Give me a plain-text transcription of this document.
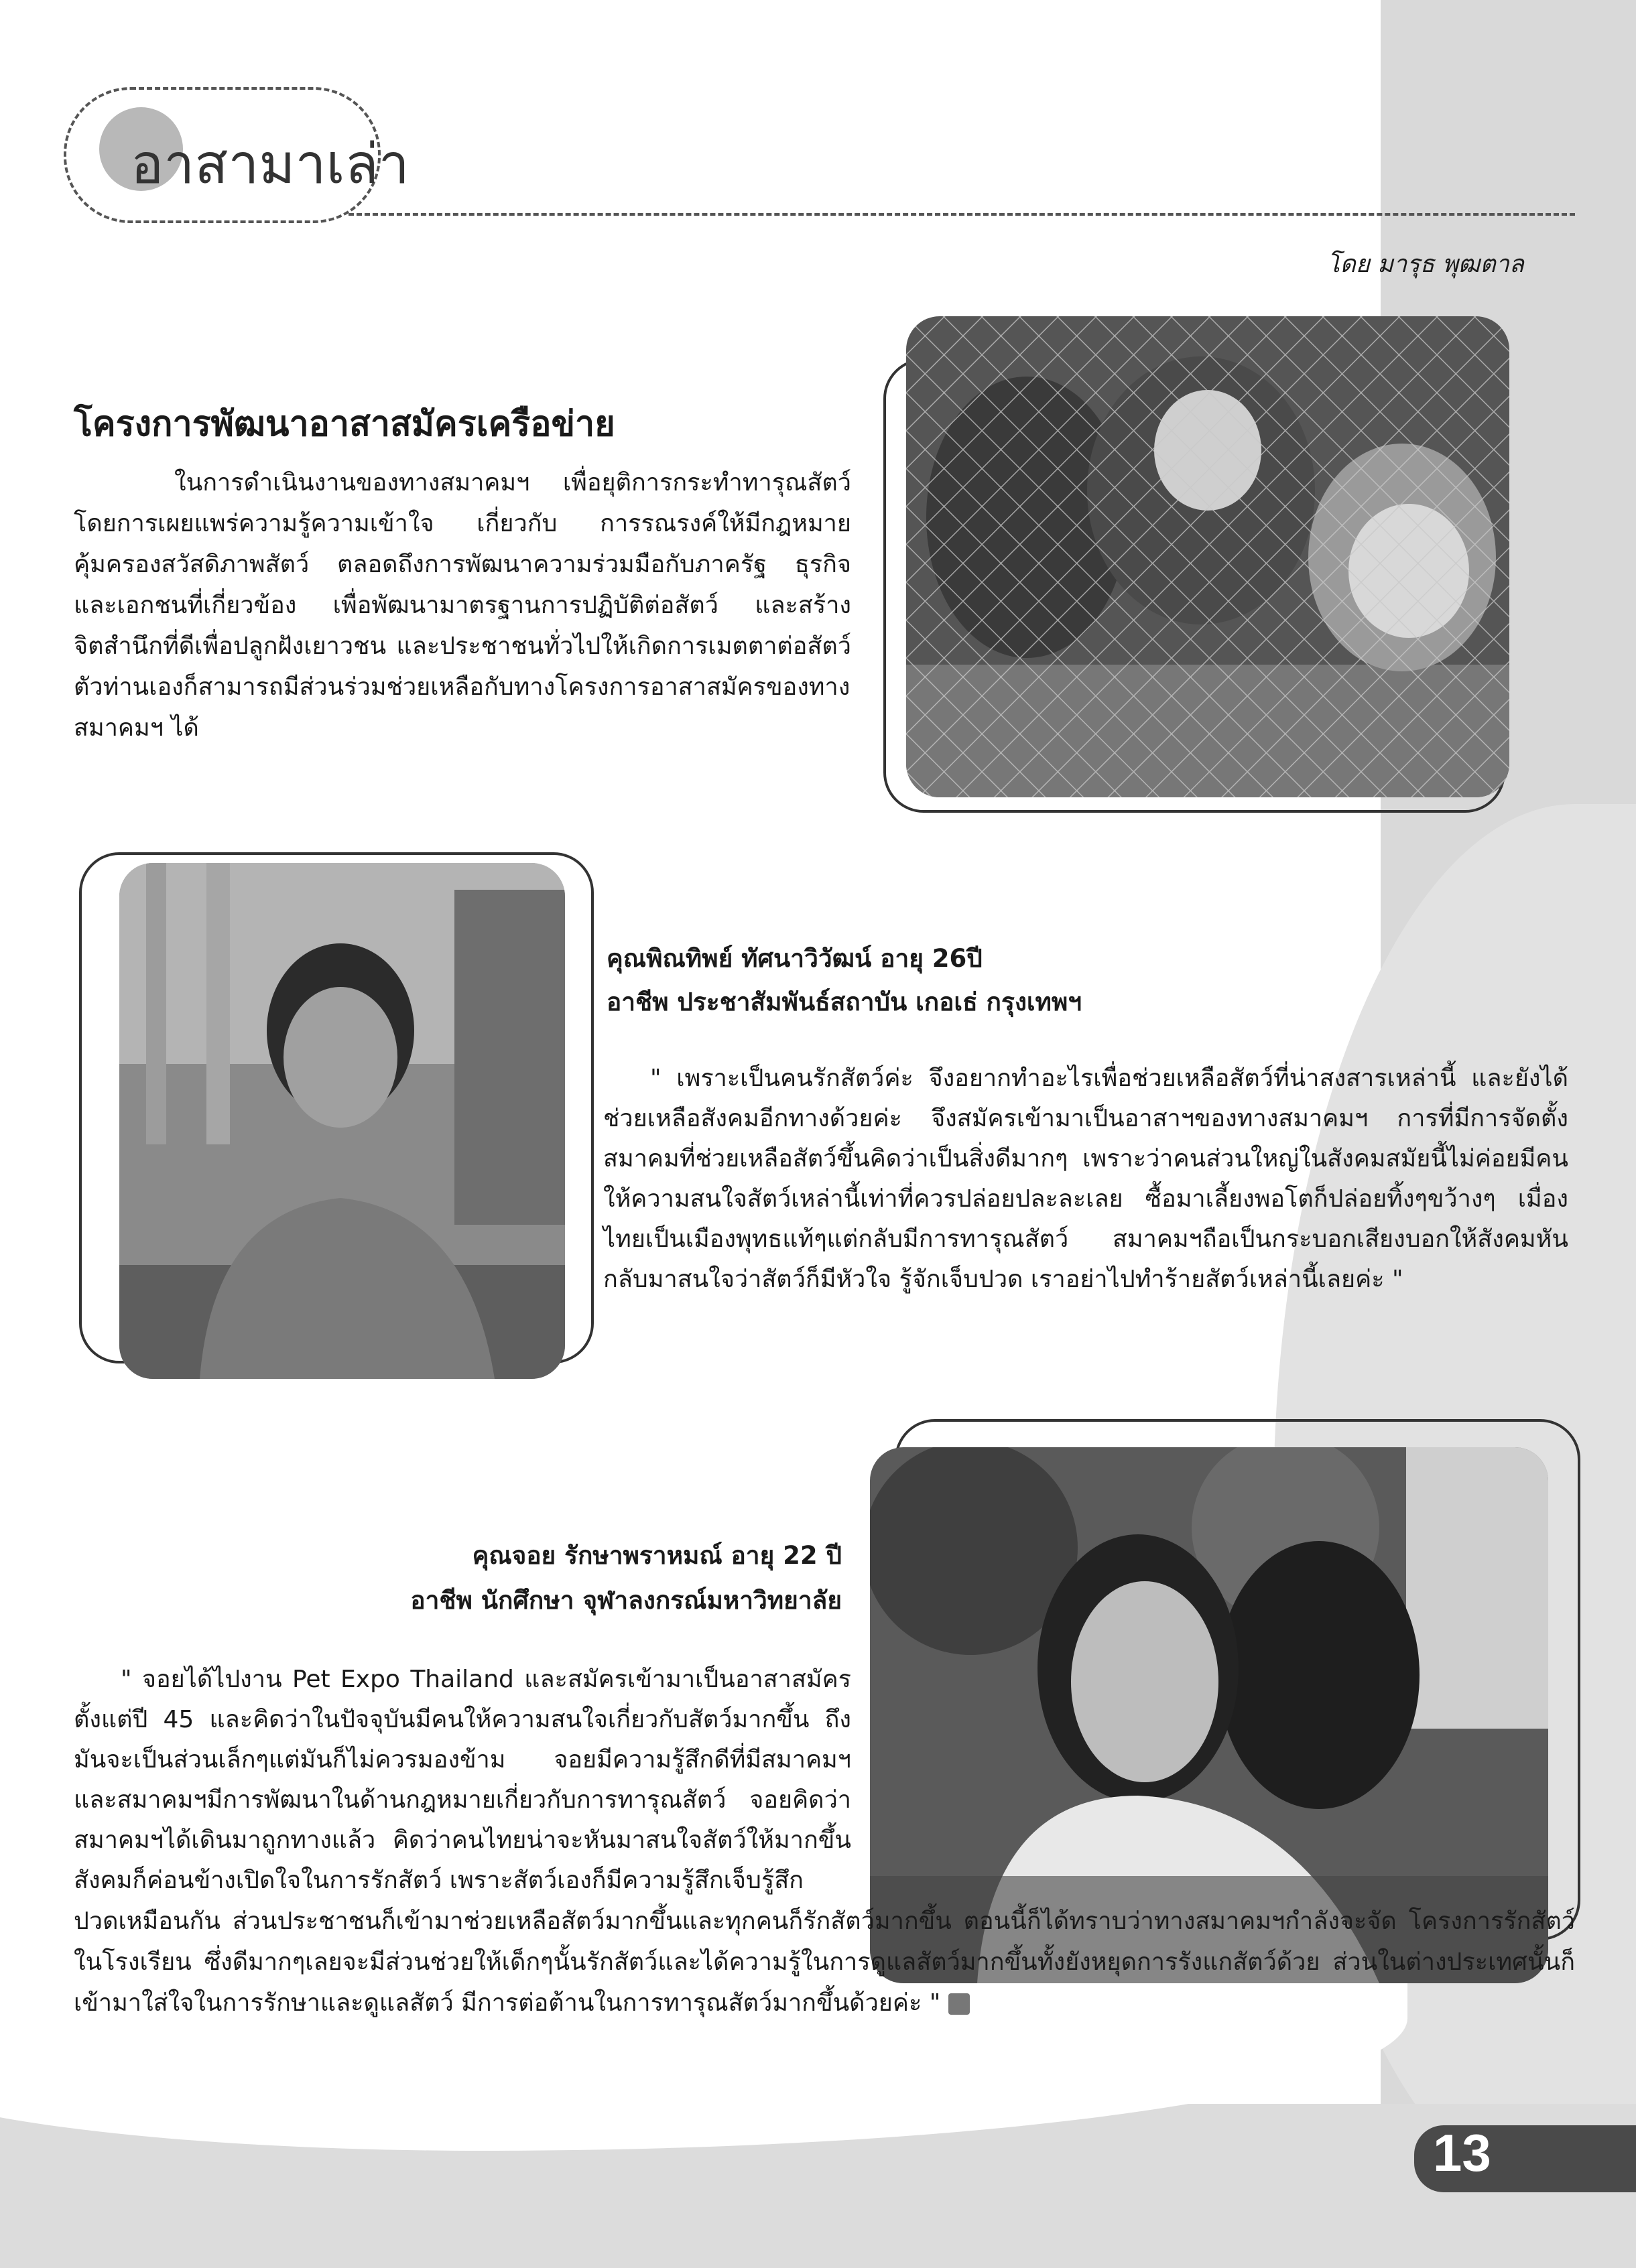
อาสามาเล่า
โดย มารุธ พุฒตาล
โครงการพัฒนาอาสาสมัครเครือข่าย
ในการดำเนินงานของทางสมาคมฯ เพื่อยุติการกระทำทารุณสัตว์ โดยการเผยแพร่ความรู้ความเข้าใจ เกี่ยวกับ การรณรงค์ให้มีกฎหมายคุ้มครองสวัสดิภาพสัตว์ ตลอดถึงการพัฒนาความร่วมมือกับภาครัฐ ธุรกิจ และเอกชนที่เกี่ยวข้อง เพื่อพัฒนามาตรฐานการปฏิบัติต่อสัตว์ และสร้างจิตสำนึกที่ดีเพื่อปลูกฝังเยาวชน และประชาชนทั่วไปให้เกิดการเมตตาต่อสัตว์ ตัวท่านเองก็สามารถมีส่วนร่วมช่วยเหลือกับทางโครงการอาสาสมัครของทางสมาคมฯ ได้
คุณพิณทิพย์ ทัศนาวิวัฒน์ อายุ 26ปี
อาชีพ ประชาสัมพันธ์สถาบัน เกอเธ่ กรุงเทพฯ
" เพราะเป็นคนรักสัตว์ค่ะ จึงอยากทำอะไรเพื่อช่วยเหลือสัตว์ที่น่าสงสารเหล่านี้ และยังได้ช่วยเหลือสังคมอีกทางด้วยค่ะ จึงสมัครเข้ามาเป็นอาสาฯของทางสมาคมฯ การที่มีการจัดตั้งสมาคมที่ช่วยเหลือสัตว์ขึ้นคิดว่าเป็นสิ่งดีมากๆ เพราะว่าคนส่วนใหญ่ในสังคมสมัยนี้ไม่ค่อยมีคนให้ความสนใจสัตว์เหล่านี้เท่าที่ควรปล่อยปละละเลย ซื้อมาเลี้ยงพอโตก็ปล่อยทิ้งๆขว้างๆ เมื่องไทยเป็นเมืองพุทธแท้ๆแต่กลับมีการทารุณสัตว์ สมาคมฯถือเป็นกระบอกเสียงบอกให้สังคมหันกลับมาสนใจว่าสัตว์ก็มีหัวใจ รู้จักเจ็บปวด เราอย่าไปทำร้ายสัตว์เหล่านี้เลยค่ะ "
คุณจอย รักษาพราหมณ์ อายุ 22 ปี
อาชีพ นักศึกษา จุฬาลงกรณ์มหาวิทยาลัย
" จอยได้ไปงาน Pet Expo Thailand และสมัครเข้ามาเป็นอาสาสมัครตั้งแต่ปี 45 และคิดว่าในปัจจุบันมีคนให้ความสนใจเกี่ยวกับสัตว์มากขึ้น ถึงมันจะเป็นส่วนเล็กๆแต่มันก็ไม่ควรมองข้าม จอยมีความรู้สึกดีที่มีสมาคมฯ และสมาคมฯมีการพัฒนาในด้านกฎหมายเกี่ยวกับการทารุณสัตว์ จอยคิดว่าสมาคมฯได้เดินมาถูกทางแล้ว คิดว่าคนไทยน่าจะหันมาสนใจสัตว์ให้มากขึ้น สังคมก็ค่อนข้างเปิดใจในการรักสัตว์ เพราะสัตว์เองก็มีความรู้สึกเจ็บรู้สึก
ปวดเหมือนกัน ส่วนประชาชนก็เข้ามาช่วยเหลือสัตว์มากขึ้นและทุกคนก็รักสัตว์มากขึ้น ตอนนี้ก็ได้ทราบว่าทางสมาคมฯกำลังจะจัด โครงการรักสัตว์ในโรงเรียน ซึ่งดีมากๆเลยจะมีส่วนช่วยให้เด็กๆนั้นรักสัตว์และได้ความรู้ในการดูแลสัตว์มากขึ้นทั้งยังหยุดการรังแกสัตว์ด้วย ส่วนในต่างประเทศนั้นก็เข้ามาใส่ใจในการรักษาและดูแลสัตว์ มีการต่อต้านในการทารุณสัตว์มากขึ้นด้วยค่ะ "
13
